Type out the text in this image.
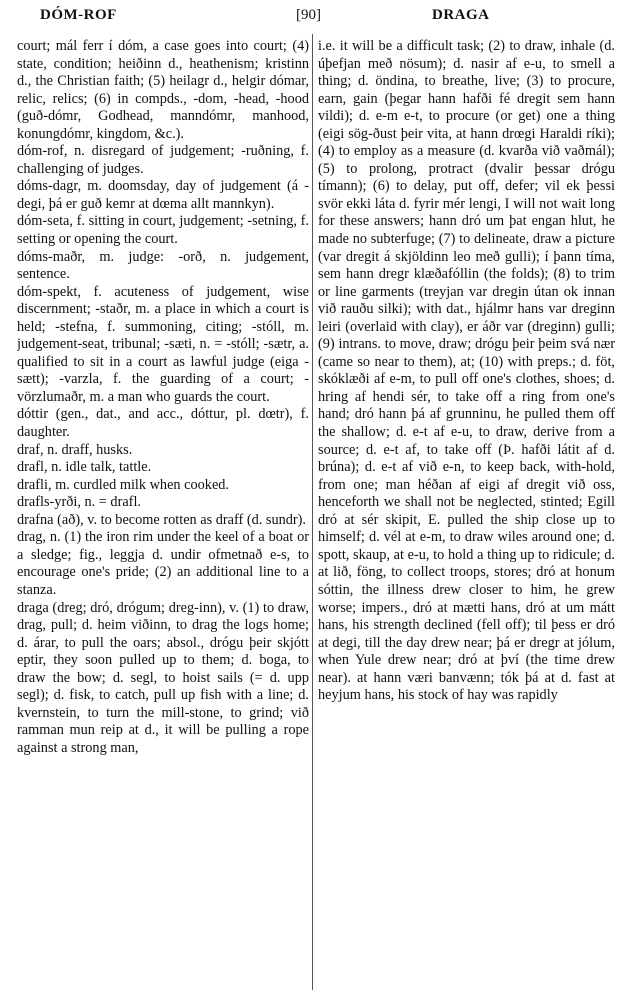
DÓM-ROF	[90]	DRAGA

court; mál ferr í dóm, a case goes into court; (4) state, condition; heiðinn d., heathenism; kristinn d., the Christian faith; (5) heilagr d., helgir dómar, relic, relics; (6) in compds., -dom, -head, -hood (guð-dómr, Godhead, manndómr, manhood, konungdómr, kingdom, &c.).

dóm-rof, n. disregard of judgement; -ruðning, f. challenging of judges.

dóms-dagr, m. doomsday, day of judgement (á -degi, þá er guð kemr at dœma allt mannkyn).

dóm-seta, f. sitting in court, judgement; -setning, f. setting or opening the court.

dóms-maðr, m. judge: -orð, n. judgement, sentence.

dóm-spekt, f. acuteness of judgement, wise discernment; -staðr, m. a place in which a court is held; -stefna, f. summoning, citing; -stóll, m. judgement-seat, tribunal; -sæti, n. = -stóll; -sætr, a. qualified to sit in a court as lawful judge (eiga -sætt); -varzla, f. the guarding of a court; -vörzlumaðr, m. a man who guards the court.

dóttir (gen., dat., and acc., dóttur, pl. dœtr), f. daughter.

draf, n. draff, husks.

drafl, n. idle talk, tattle.

drafli, m. curdled milk when cooked.

drafls-yrði, n. = drafl.

drafna (að), v. to become rotten as draff (d. sundr).

drag, n. (1) the iron rim under the keel of a boat or a sledge; fig., leggja d. undir ofmetnað e-s, to encourage one's pride; (2) an additional line to a stanza.

draga (dreg; dró, drógum; dreg-inn), v. (1) to draw, drag, pull; d. heim viðinn, to drag the logs home; d. árar, to pull the oars; absol., drógu þeir skjótt eptir, they soon pulled up to them; d. boga, to draw the bow; d. segl, to hoist sails (= d. upp segl); d. fisk, to catch, pull up fish with a line; d. kvernstein, to turn the mill-stone, to grind; við ramman mun reip at d., it will be pulling a rope against a strong man,

i.e. it will be a difficult task; (2) to draw, inhale (d. úþefjan með nösum); d. nasir af e-u, to smell a thing; d. öndina, to breathe, live; (3) to procure, earn, gain (þegar hann hafði fé dregit sem hann vildi); d. e-m e-t, to procure (or get) one a thing (eigi sög-ðust þeir vita, at hann drœgi Haraldi ríki); (4) to employ as a measure (d. kvarða við vaðmál); (5) to prolong, protract (dvalir þessar drógu tímann); (6) to delay, put off, defer; vil ek þessi svör ekki láta d. fyrir mér lengi, I will not wait long for these answers; hann dró um þat engan hlut, he made no subterfuge; (7) to delineate, draw a picture (var dregit á skjöldinn leo með gulli); í þann tíma, sem hann dregr klæðafóllin (the folds); (8) to trim or line garments (treyjan var dregin útan ok innan við rauðu silki); with dat., hjálmr hans var dreginn leiri (overlaid with clay), er áðr var (dreginn) gulli; (9) intrans. to move, draw; drógu þeir þeim svá nær (came so near to them), at; (10) with preps.; d. föt, skóklæði af e-m, to pull off one's clothes, shoes; d. hring af hendi sér, to take off a ring from one's hand; dró hann þá af grunninu, he pulled them off the shallow; d. e-t af e-u, to draw, derive from a source; d. e-t af, to take off (Þ. hafði látit af d. brúna); d. e-t af við e-n, to keep back, with-hold, from one; man héðan af eigi af dregit við oss, henceforth we shall not be neglected, stinted; Egill dró at sér skipit, E. pulled the ship close up to himself; d. vél at e-m, to draw wiles around one; d. spott, skaup, at e-u, to hold a thing up to ridicule; d. at lið, föng, to collect troops, stores; dró at honum sóttin, the illness drew closer to him, he grew worse; impers., dró at mætti hans, dró at um mátt hans, his strength declined (fell off); til þess er dró at degi, till the day drew near; þá er dregr at jólum, when Yule drew near; dró at því (the time drew near). at hann væri banvænn; tók þá at d. fast at heyjum hans, his stock of hay was rapidly
